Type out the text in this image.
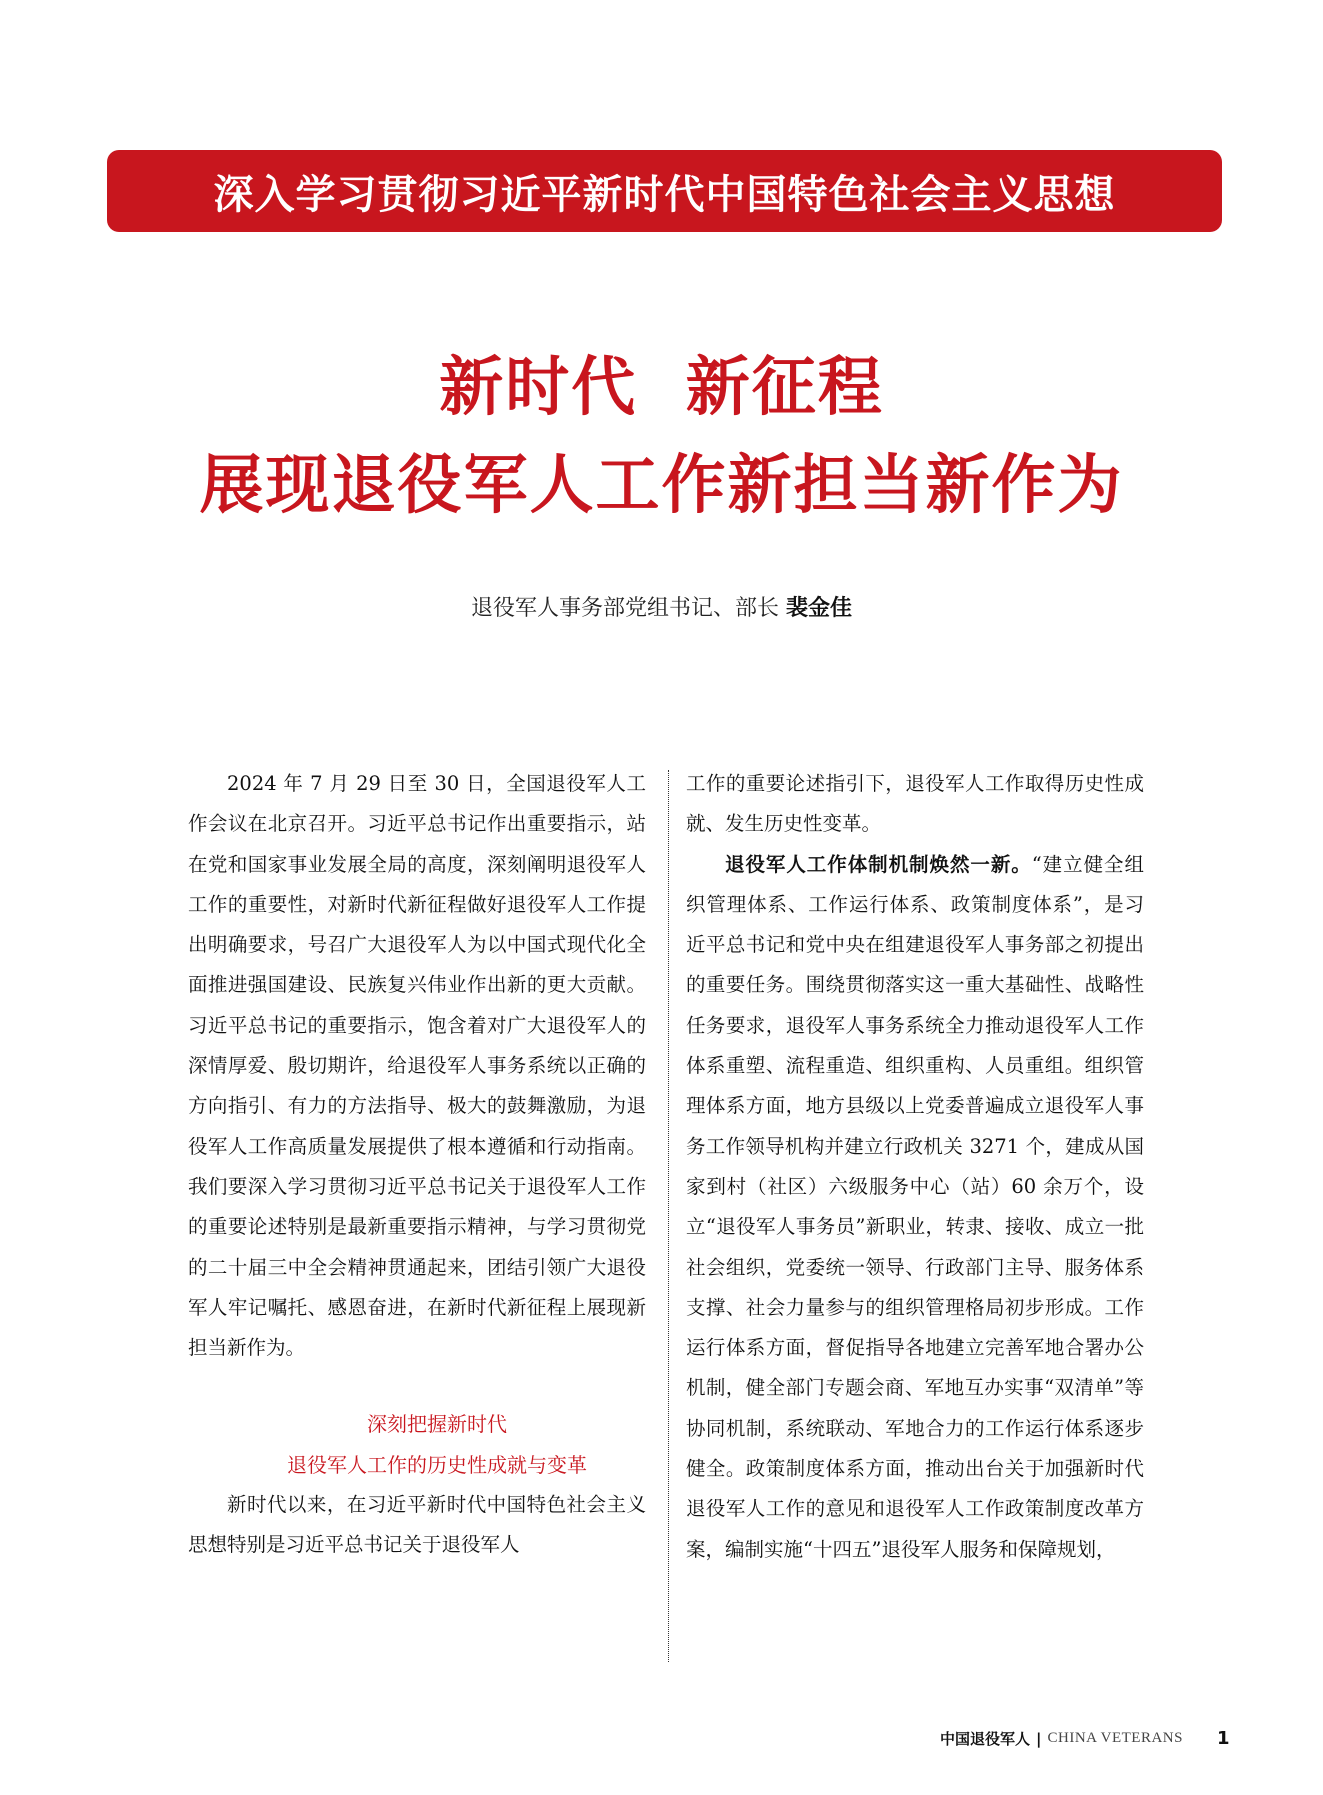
深入学习贯彻习近平新时代中国特色社会主义思想
新时代  新征程
展现退役军人工作新担当新作为
退役军人事务部党组书记、部长 裴金佳

2024 年 7 月 29 日至 30 日，全国退役军人工作会议在北京召开。习近平总书记作出重要指示，站在党和国家事业发展全局的高度，深刻阐明退役军人工作的重要性，对新时代新征程做好退役军人工作提出明确要求，号召广大退役军人为以中国式现代化全面推进强国建设、民族复兴伟业作出新的更大贡献。习近平总书记的重要指示，饱含着对广大退役军人的深情厚爱、殷切期许，给退役军人事务系统以正确的方向指引、有力的方法指导、极大的鼓舞激励，为退役军人工作高质量发展提供了根本遵循和行动指南。我们要深入学习贯彻习近平总书记关于退役军人工作的重要论述特别是最新重要指示精神，与学习贯彻党的二十届三中全会精神贯通起来，团结引领广大退役军人牢记嘱托、感恩奋进，在新时代新征程上展现新担当新作为。

深刻把握新时代

退役军人工作的历史性成就与变革

新时代以来，在习近平新时代中国特色社会主义思想特别是习近平总书记关于退役军人

工作的重要论述指引下，退役军人工作取得历史性成就、发生历史性变革。

退役军人工作体制机制焕然一新。“建立健全组织管理体系、工作运行体系、政策制度体系”，是习近平总书记和党中央在组建退役军人事务部之初提出的重要任务。围绕贯彻落实这一重大基础性、战略性任务要求，退役军人事务系统全力推动退役军人工作体系重塑、流程重造、组织重构、人员重组。组织管理体系方面，地方县级以上党委普遍成立退役军人事务工作领导机构并建立行政机关 3271 个，建成从国家到村（社区）六级服务中心（站）60 余万个，设立“退役军人事务员”新职业，转隶、接收、成立一批社会组织，党委统一领导、行政部门主导、服务体系支撑、社会力量参与的组织管理格局初步形成。工作运行体系方面，督促指导各地建立完善军地合署办公机制，健全部门专题会商、军地互办实事“双清单”等协同机制，系统联动、军地合力的工作运行体系逐步健全。政策制度体系方面，推动出台关于加强新时代退役军人工作的意见和退役军人工作政策制度改革方案，编制实施“十四五”退役军人服务和保障规划，

中国退役军人 | CHINA VETERANS 1
